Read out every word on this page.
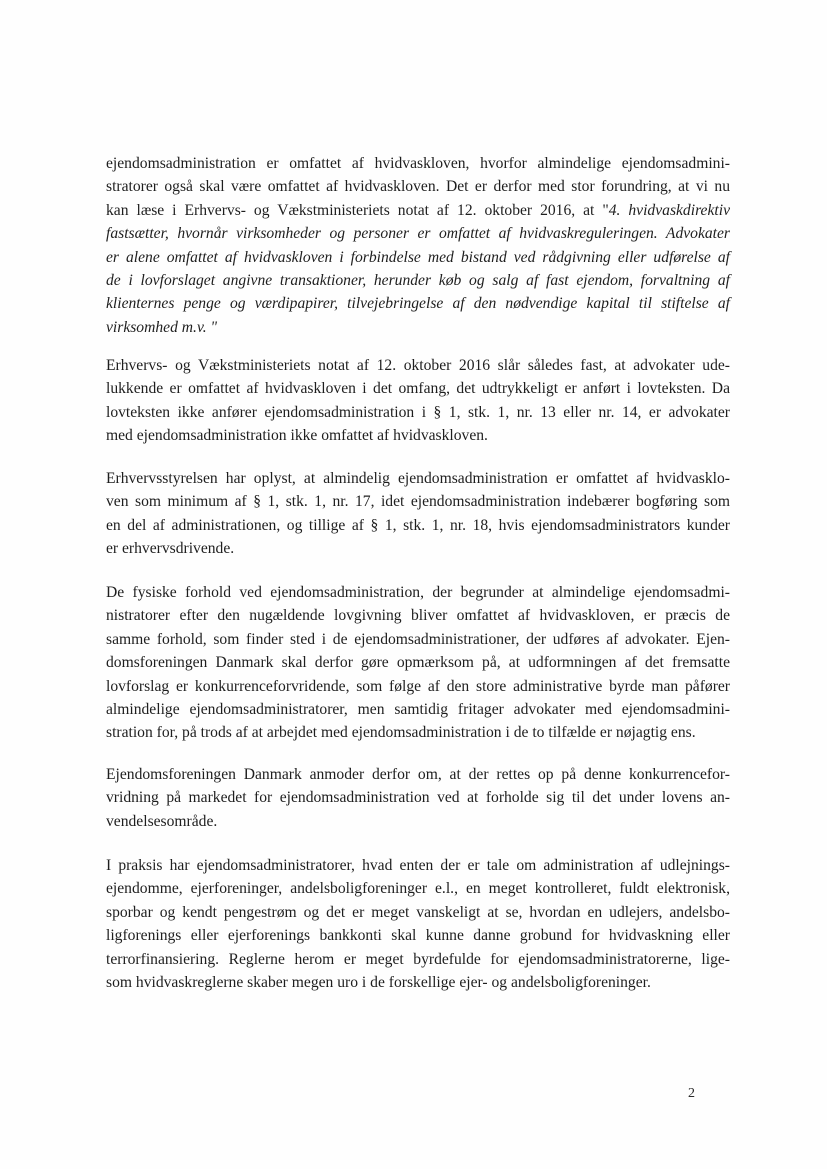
ejendomsadministration er omfattet af hvidvaskloven, hvorfor almindelige ejendomsadmini-
stratorer også skal være omfattet af hvidvaskloven. Det er derfor med stor forundring, at vi nu
kan læse i Erhvervs- og Vækstministeriets notat af 12. oktober 2016, at "4. hvidvaskdirektiv
fastsætter, hvornår virksomheder og personer er omfattet af hvidvaskreguleringen. Advokater
er alene omfattet af hvidvaskloven i forbindelse med bistand ved rådgivning eller udførelse af
de i lovforslaget angivne transaktioner, herunder køb og salg af fast ejendom, forvaltning af
klienternes penge og værdipapirer, tilvejebringelse af den nødvendige kapital til stiftelse af
virksomhed m.v. "
Erhvervs- og Vækstministeriets notat af 12. oktober 2016 slår således fast, at advokater ude-
lukkende er omfattet af hvidvaskloven i det omfang, det udtrykkeligt er anført i lovteksten. Da
lovteksten ikke anfører ejendomsadministration i § 1, stk. 1, nr. 13 eller nr. 14, er advokater
med ejendomsadministration ikke omfattet af hvidvaskloven.
Erhvervsstyrelsen har oplyst, at almindelig ejendomsadministration er omfattet af hvidvasklo-
ven som minimum af § 1, stk. 1, nr. 17, idet ejendomsadministration indebærer bogføring som
en del af administrationen, og tillige af § 1, stk. 1, nr. 18, hvis ejendomsadministrators kunder
er erhvervsdrivende.
De fysiske forhold ved ejendomsadministration, der begrunder at almindelige ejendomsadmi-
nistratorer efter den nugældende lovgivning bliver omfattet af hvidvaskloven, er præcis de
samme forhold, som finder sted i de ejendomsadministrationer, der udføres af advokater. Ejen-
domsforeningen Danmark skal derfor gøre opmærksom på, at udformningen af det fremsatte
lovforslag er konkurrenceforvridende, som følge af den store administrative byrde man påfører
almindelige ejendomsadministratorer, men samtidig fritager advokater med ejendomsadmini-
stration for, på trods af at arbejdet med ejendomsadministration i de to tilfælde er nøjagtig ens.
Ejendomsforeningen Danmark anmoder derfor om, at der rettes op på denne konkurrencefor-
vridning på markedet for ejendomsadministration ved at forholde sig til det under lovens an-
vendelsesområde.
I praksis har ejendomsadministratorer, hvad enten der er tale om administration af udlejnings-
ejendomme, ejerforeninger, andelsboligforeninger e.l., en meget kontrolleret, fuldt elektronisk,
sporbar og kendt pengestrøm og det er meget vanskeligt at se, hvordan en udlejers, andelsbo-
ligforenings eller ejerforenings bankkonti skal kunne danne grobund for hvidvaskning eller
terrorfinansiering. Reglerne herom er meget byrdefulde for ejendomsadministratorerne, lige-
som hvidvaskreglerne skaber megen uro i de forskellige ejer- og andelsboligforeninger.
2
